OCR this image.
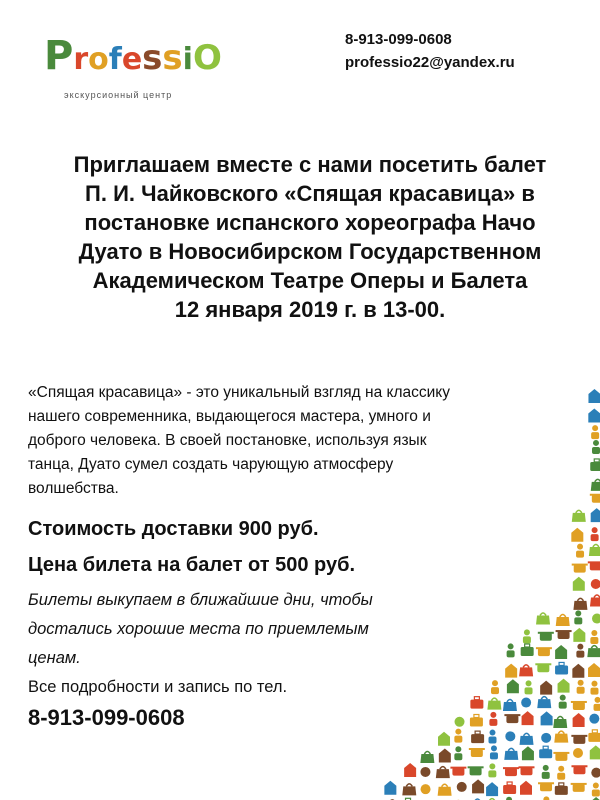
ProfessiO
экскурсионный центр
8-913-099-0608
professio22@yandex.ru
Приглашаем вместе с нами посетить балет
П. И. Чайковского «Спящая красавица» в
постановке испанского хореографа Начо
Дуато в Новосибирском Государственном
Академическом Театре Оперы и Балета
12 января 2019 г. в 13-00.
«Спящая красавица» - это уникальный взгляд на классику
нашего современника, выдающегося мастера, умного и
доброго человека. В своей постановке, используя язык
танца, Дуато сумел создать чарующую атмосферу
волшебства.
Стоимость доставки 900 руб.
Цена билета на балет от 500 руб.
Билеты выкупаем в ближайшие дни, чтобы
достались хорошие места по приемлемым
ценам.
Все подробности и запись по тел.
8-913-099-0608
